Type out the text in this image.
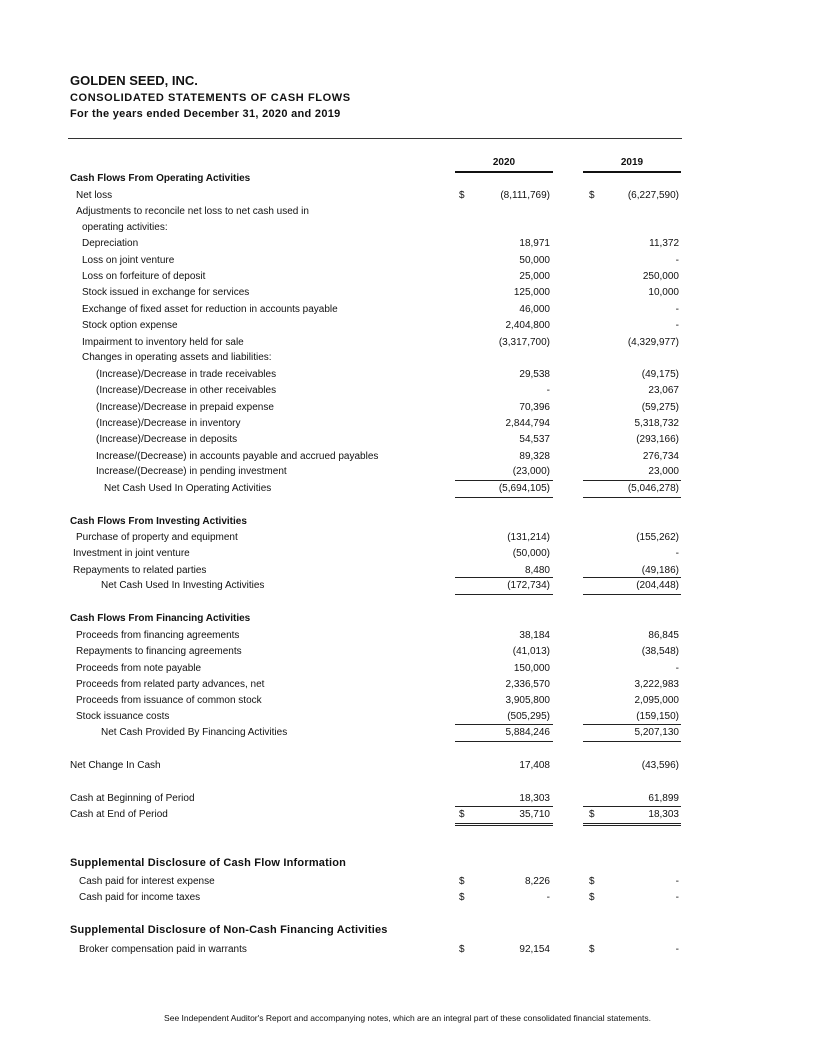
GOLDEN SEED, INC.
CONSOLIDATED STATEMENTS OF CASH FLOWS
For the years ended December 31, 2020 and 2019
2020	2019
Cash Flows From Operating Activities
Net loss	$	(8,111,769)	$	(6,227,590)
Adjustments to reconcile net loss to net cash used in
operating activities:
Depreciation	18,971	11,372
Loss on joint venture	50,000	-
Loss on forfeiture of deposit	25,000	250,000
Stock issued in exchange for services	125,000	10,000
Exchange of fixed asset for reduction in accounts payable	46,000	-
Stock option expense	2,404,800	-
Impairment to inventory held for sale	(3,317,700)	(4,329,977)
Changes in operating assets and liabilities:
(Increase)/Decrease in trade receivables	29,538	(49,175)
(Increase)/Decrease in other receivables	-	23,067
(Increase)/Decrease in prepaid expense	70,396	(59,275)
(Increase)/Decrease in inventory	2,844,794	5,318,732
(Increase)/Decrease in deposits	54,537	(293,166)
Increase/(Decrease) in accounts payable and accrued payables	89,328	276,734
Increase/(Decrease) in pending investment	(23,000)	23,000
Net Cash Used In Operating Activities	(5,694,105)	(5,046,278)
Cash Flows From Investing Activities
Purchase of property and equipment	(131,214)	(155,262)
Investment in joint venture	(50,000)	-
Repayments to related parties	8,480	(49,186)
Net Cash Used In Investing Activities	(172,734)	(204,448)
Cash Flows From Financing Activities
Proceeds from financing agreements	38,184	86,845
Repayments to financing agreements	(41,013)	(38,548)
Proceeds from note payable	150,000	-
Proceeds from related party advances, net	2,336,570	3,222,983
Proceeds from issuance of common stock	3,905,800	2,095,000
Stock issuance costs	(505,295)	(159,150)
Net Cash Provided By Financing Activities	5,884,246	5,207,130
Net Change In Cash	17,408	(43,596)
Cash at Beginning of Period	18,303	61,899
Cash at End of Period	$	35,710	$	18,303
Supplemental Disclosure of Cash Flow Information
Cash paid for interest expense	$	8,226	$	-
Cash paid for income taxes	$	-	$	-
Supplemental Disclosure of Non-Cash Financing Activities
Broker compensation paid in warrants	$	92,154	$	-
See Independent Auditor's Report and accompanying notes, which are an integral part of these consolidated financial statements.
